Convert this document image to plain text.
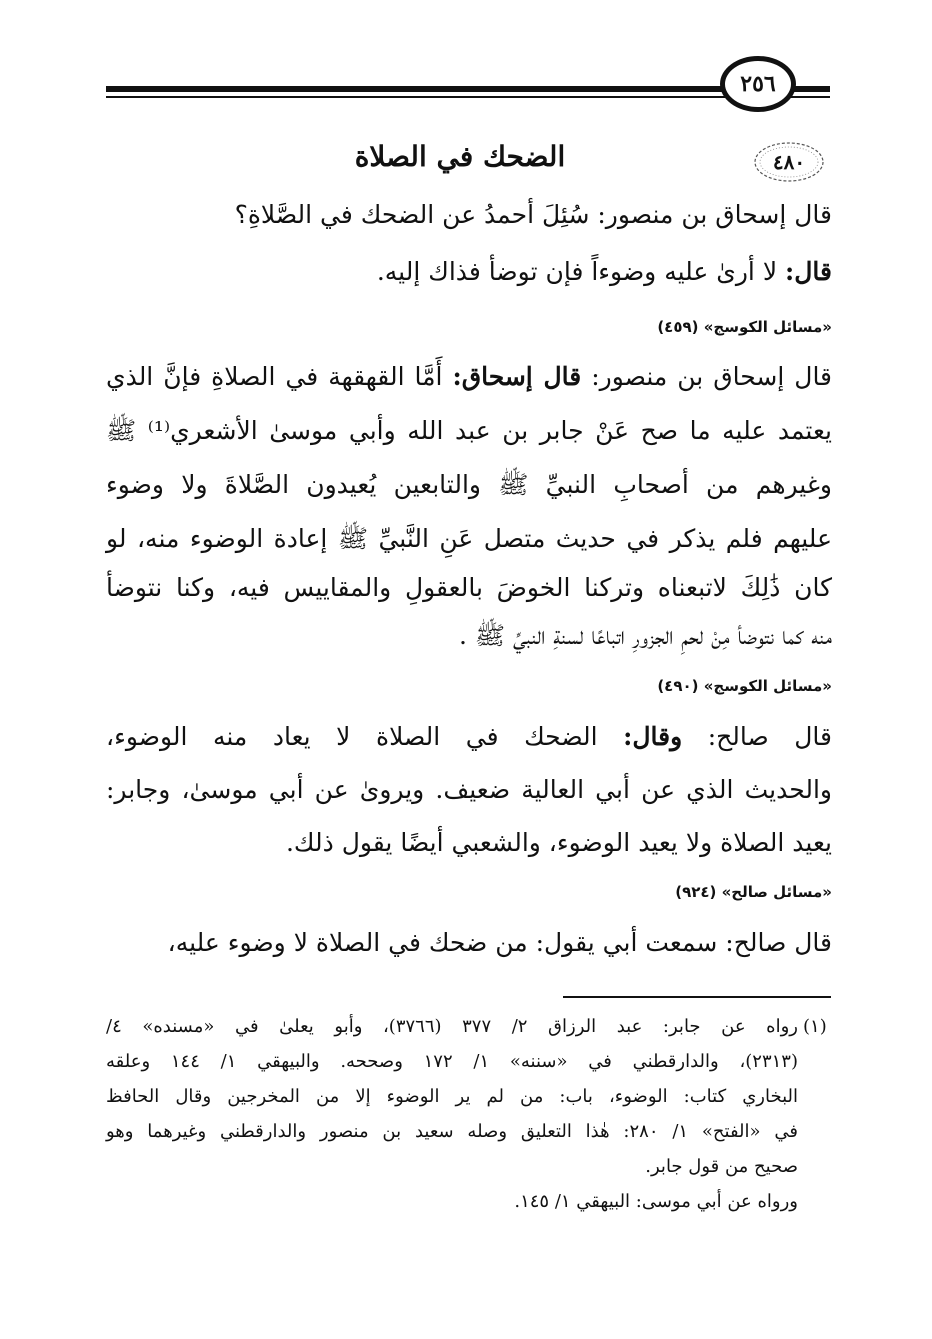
٢٥٦
٤٨٠
الضحك في الصلاة
قال إسحاق بن منصور: سُئِلَ أحمدُ عن الضحك في الصَّلاةِ؟
قال: لا أرىٰ عليه وضوءاً فإن توضأ فذاك إليه.
«مسائل الكوسج» (٤٥٩)
قال إسحاق بن منصور: قال إسحاق: أَمَّا القهقهة في الصلاةِ فإنَّ الذي
يعتمد عليه ما صح عَنْ جابر بن عبد الله وأبي موسىٰ الأشعري⁽¹⁾ ﷺ
وغيرهم من أصحابِ النبيِّ ﷺ والتابعين يُعيدون الصَّلاةَ ولا وضوء
عليهم فلم يذكر في حديث متصل عَنِ النَّبيِّ ﷺ إعادة الوضوء منه، لو
كان ذَٰلِكَ لاتبعناه وتركنا الخوضَ بالعقولِ والمقاييس فيه، وكنا نتوضأ
منه كما نتوضأ مِنْ لحمِ الجزورِ اتباعًا لسنةِ النبيِّ ﷺ .
«مسائل الكوسج» (٤٩٠)
قال صالح: وقال: الضحك في الصلاة لا يعاد منه الوضوء،
والحديث الذي عن أبي العالية ضعيف. ويروىٰ عن أبي موسىٰ، وجابر:
يعيد الصلاة ولا يعيد الوضوء، والشعبي أيضًا يقول ذلك.
«مسائل صالح» (٩٢٤)
قال صالح: سمعت أبي يقول: من ضحك في الصلاة لا وضوء عليه،
(١)
رواه عن جابر: عبد الرزاق ٢/ ٣٧٧ (٣٧٦٦)، وأبو يعلىٰ في «مسنده» ٤/
(٢٣١٣)، والدارقطني في «سننه» ١/ ١٧٢ وصححه. والبيهقي ١/ ١٤٤ وعلقه
البخاري كتاب: الوضوء، باب: من لم ير الوضوء إلا من المخرجين وقال الحافظ
في «الفتح» ١/ ٢٨٠: هٰذا التعليق وصله سعيد بن منصور والدارقطني وغيرهما وهو
صحيح من قول جابر.
ورواه عن أبي موسى: البيهقي ١/ ١٤٥.
